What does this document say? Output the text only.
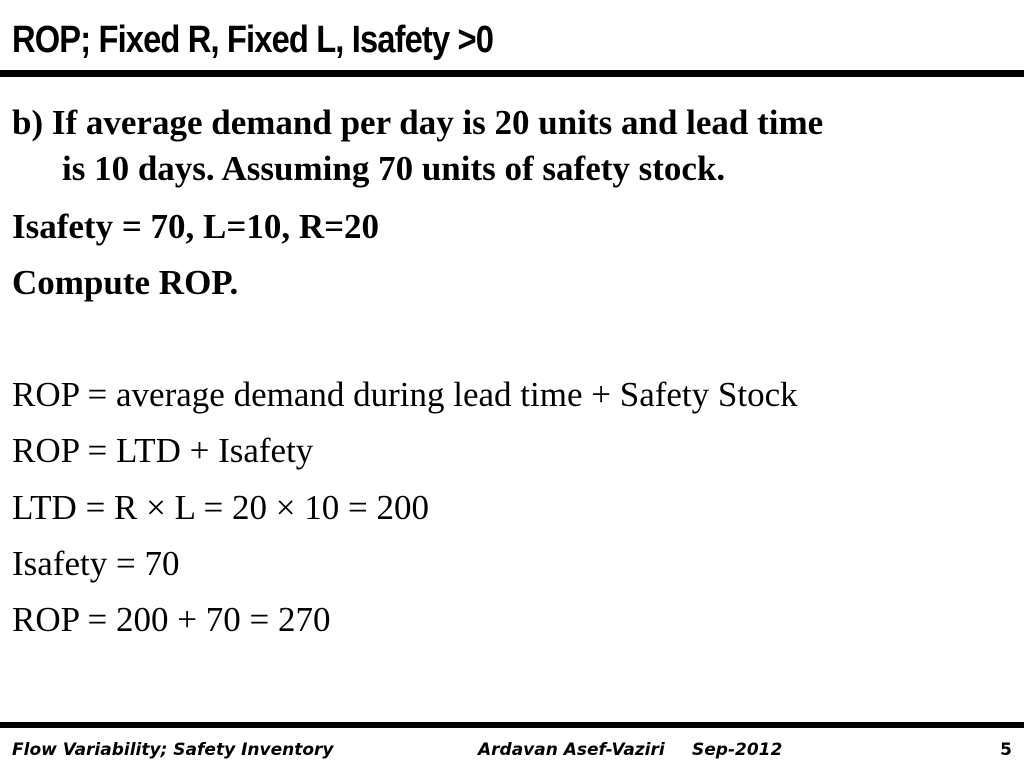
ROP; Fixed R, Fixed L, Isafety >0
b) If average demand per day is 20 units and lead time
is 10 days. Assuming 70 units of safety stock.
Isafety = 70, L=10, R=20
Compute ROP.
ROP = average demand during lead time + Safety Stock
ROP = LTD + Isafety
LTD = R × L = 20 × 10 = 200
Isafety = 70
ROP = 200 + 70 = 270
Flow Variability; Safety Inventory	Ardavan Asef-Vaziri Sep-2012	5
